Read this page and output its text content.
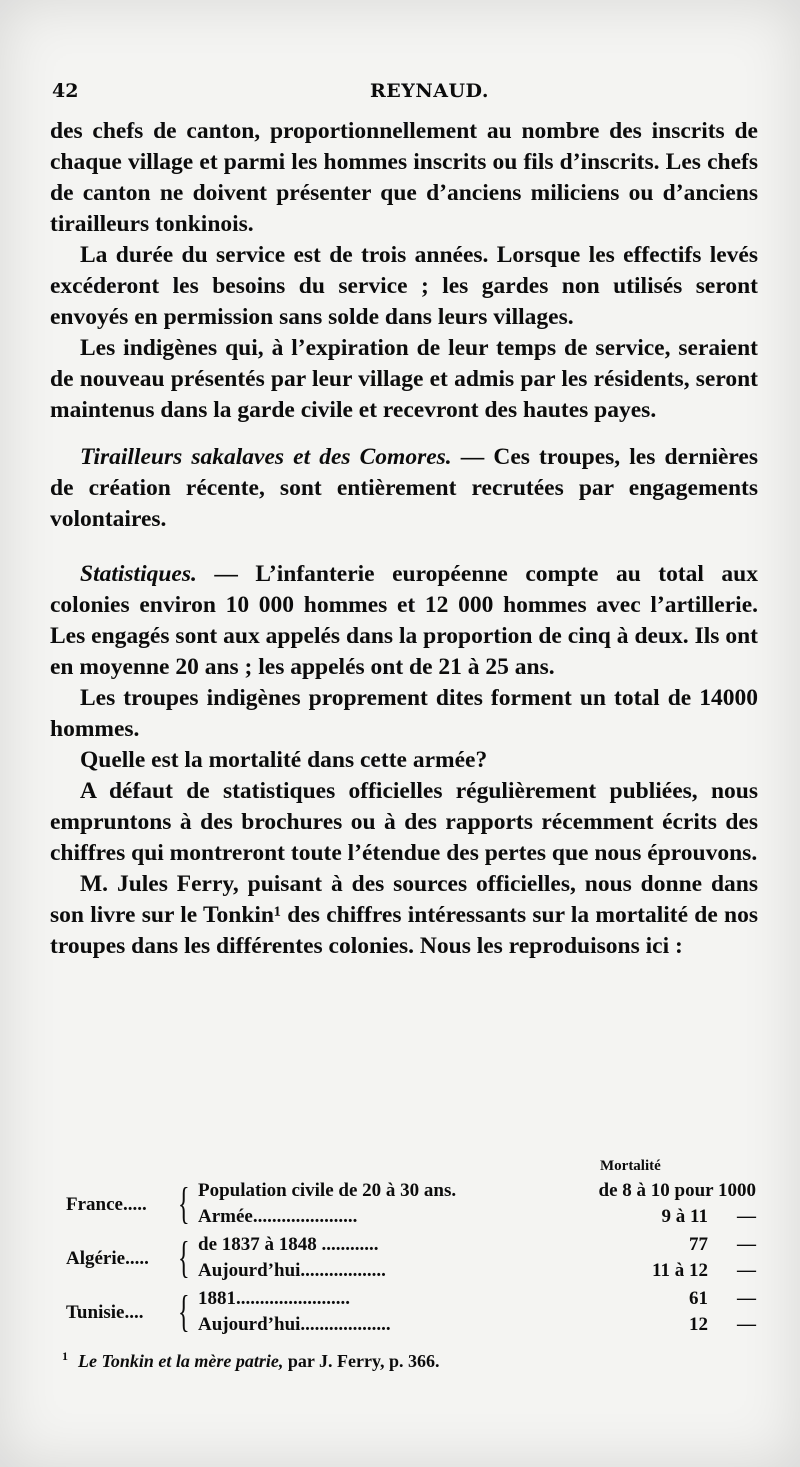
42	REYNAUD.

des chefs de canton, proportionnellement au nombre des inscrits de chaque village et parmi les hommes inscrits ou fils d’inscrits. Les chefs de canton ne doivent présenter que d’anciens miliciens ou d’anciens tirailleurs tonkinois.

La durée du service est de trois années. Lorsque les effectifs levés excéderont les besoins du service ; les gardes non utilisés seront envoyés en permission sans solde dans leurs villages.

Les indigènes qui, à l’expiration de leur temps de service, seraient de nouveau présentés par leur village et admis par les résidents, seront maintenus dans la garde civile et recevront des hautes payes.

Tirailleurs sakalaves et des Comores. — Ces troupes, les dernières de création récente, sont entièrement recrutées par engagements volontaires.

Statistiques. — L’infanterie européenne compte au total aux colonies environ 10 000 hommes et 12 000 hommes avec l’artillerie. Les engagés sont aux appelés dans la proportion de cinq à deux. Ils ont en moyenne 20 ans ; les appelés ont de 21 à 25 ans.

Les troupes indigènes proprement dites forment un total de 14000 hommes.

Quelle est la mortalité dans cette armée?

A défaut de statistiques officielles régulièrement publiées, nous empruntons à des brochures ou à des rapports récemment écrits des chiffres qui montreront toute l’étendue des pertes que nous éprouvons.

M. Jules Ferry, puisant à des sources officielles, nous donne dans son livre sur le Tonkin¹ des chiffres intéressants sur la mortalité de nos troupes dans les différentes colonies. Nous les reproduisons ici :

Mortalité
France..... { Population civile de 20 à 30 ans.	de 8 à 10 pour 1000
Armée......................	9 à 11 —
Algérie..... { de 1837 à 1848 ............	77 —
Aujourd’hui..................	11 à 12 —
Tunisie.... { 1881........................	61 —
Aujourd’hui...................	12 —
$^1$ Le Tonkin et la mère patrie, par J. Ferry, p. 366.
